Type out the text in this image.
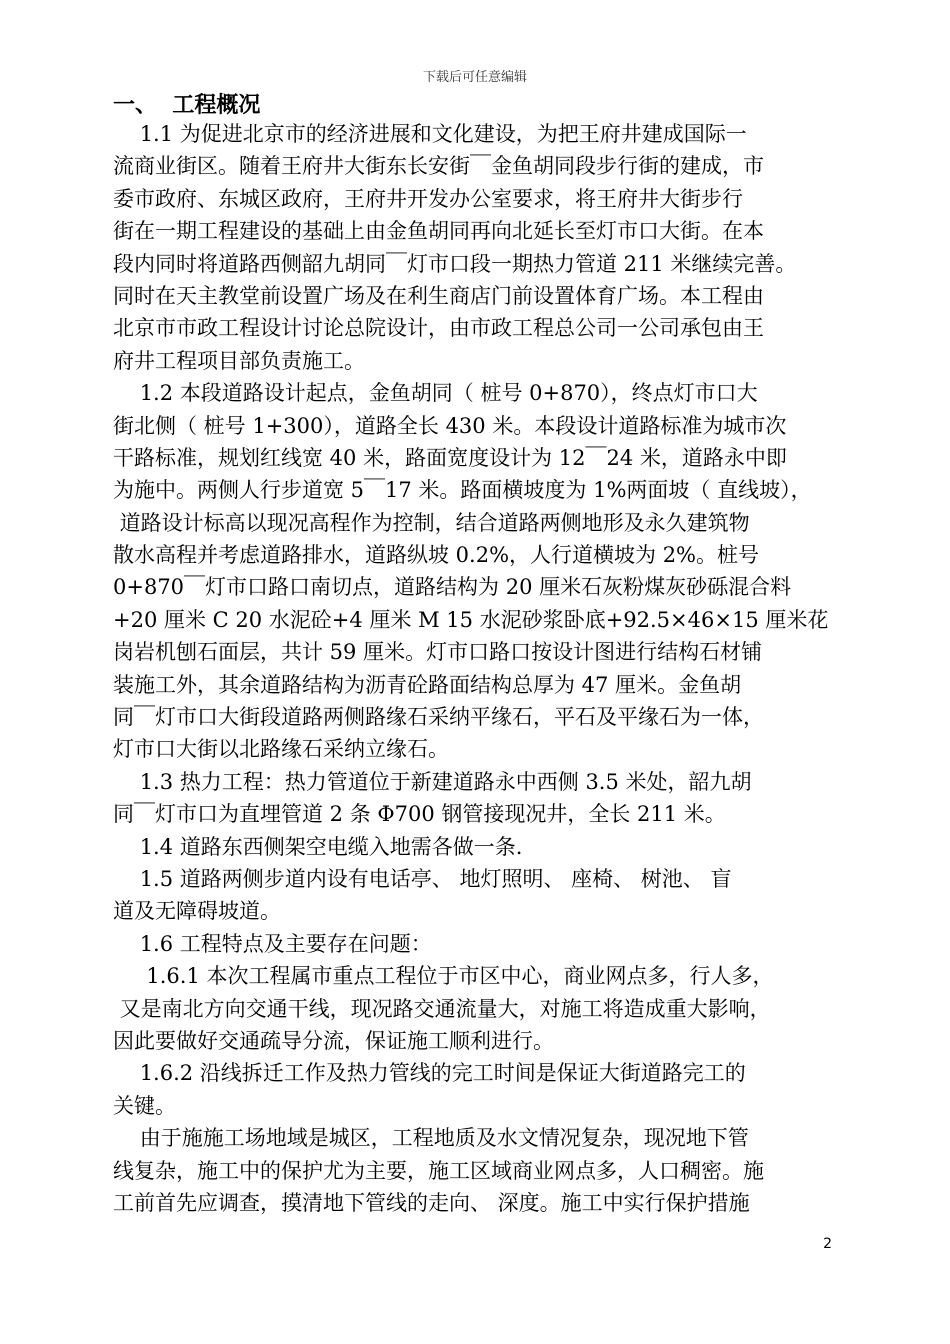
下载后可任意编辑
一、  工程概况
1.1 为促进北京市的经济进展和文化建设，为把王府井建成国际一
流商业街区。随着王府井大街东长安街￣金鱼胡同段步行街的建成，市
委市政府、东城区政府，王府井开发办公室要求，将王府井大街步行
街在一期工程建设的基础上由金鱼胡同再向北延长至灯市口大街。在本
段内同时将道路西侧韶九胡同￣灯市口段一期热力管道 211 米继续完善。
同时在天主教堂前设置广场及在利生商店门前设置体育广场。本工程由
北京市市政工程设计讨论总院设计，由市政工程总公司一公司承包由王
府井工程项目部负责施工。
1.2 本段道路设计起点，金鱼胡同（ 桩号 0+870），终点灯市口大
街北侧（ 桩号 1+300），道路全长 430 米。本段设计道路标准为城市次
干路标准，规划红线宽 40 米，路面宽度设计为 12￣24 米，道路永中即
为施中。两侧人行步道宽 5￣17 米。路面横坡度为 1%两面坡（ 直线坡），
道路设计标高以现况高程作为控制，结合道路两侧地形及永久建筑物
散水高程并考虑道路排水，道路纵坡 0.2%，人行道横坡为 2%。桩号
0+870￣灯市口路口南切点，道路结构为 20 厘米石灰粉煤灰砂砾混合料
+20 厘米 C 20 水泥砼+4 厘米 M 15 水泥砂浆卧底+92.5×46×15 厘米花
岗岩机刨石面层，共计 59 厘米。灯市口路口按设计图进行结构石材铺
装施工外，其余道路结构为沥青砼路面结构总厚为 47 厘米。金鱼胡
同￣灯市口大街段道路两侧路缘石采纳平缘石，平石及平缘石为一体，
灯市口大街以北路缘石采纳立缘石。
1.3 热力工程：热力管道位于新建道路永中西侧 3.5 米处，韶九胡
同￣灯市口为直埋管道 2 条 Φ700 钢管接现况井，全长 211 米。
1.4 道路东西侧架空电缆入地需各做一条.
1.5 道路两侧步道内设有电话亭、 地灯照明、 座椅、 树池、 盲
道及无障碍坡道。
1.6 工程特点及主要存在问题：
1.6.1 本次工程属市重点工程位于市区中心，商业网点多，行人多，
又是南北方向交通干线，现况路交通流量大，对施工将造成重大影响，
因此要做好交通疏导分流，保证施工顺利进行。
1.6.2 沿线拆迁工作及热力管线的完工时间是保证大街道路完工的
关键。
由于施施工场地域是城区，工程地质及水文情况复杂，现况地下管
线复杂，施工中的保护尤为主要，施工区域商业网点多，人口稠密。施
工前首先应调查，摸清地下管线的走向、 深度。施工中实行保护措施
2
